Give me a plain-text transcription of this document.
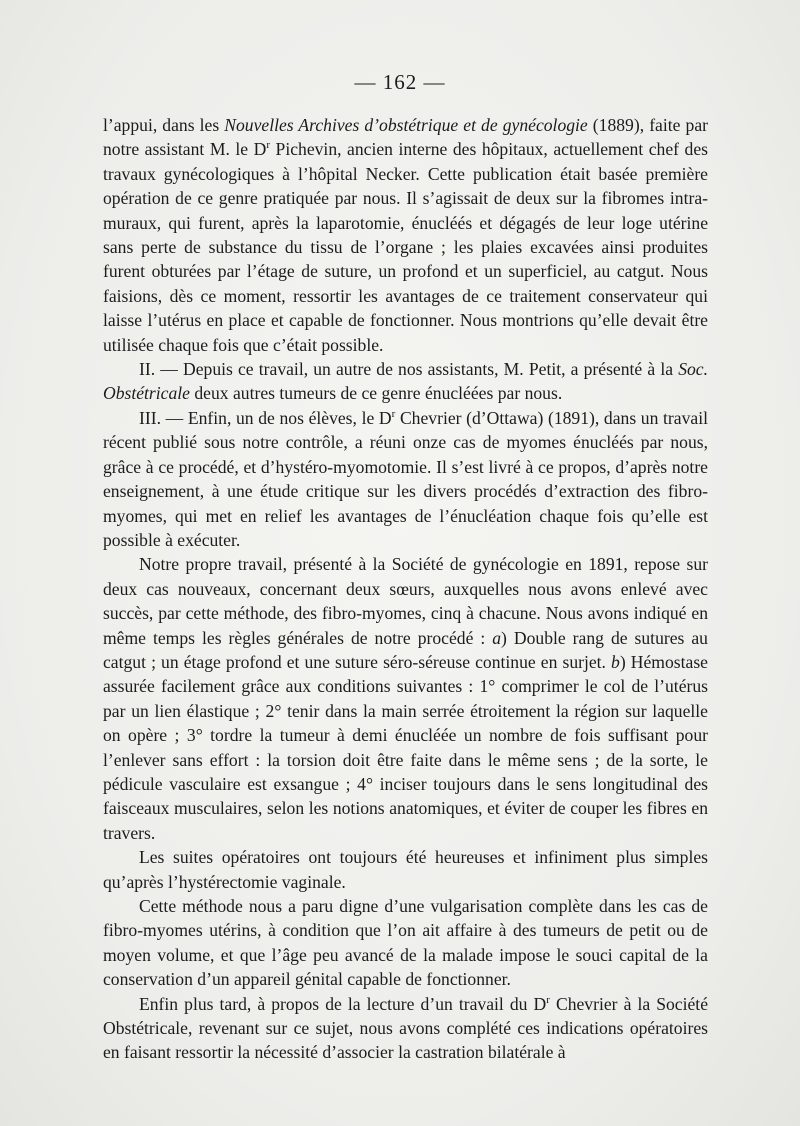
— 162 —

l’appui, dans les Nouvelles Archives d’obstétrique et de gynécologie (1889), faite par notre assistant M. le $D^r$ Pichevin, ancien interne des hôpitaux, actuellement chef des travaux gynécologiques à l’hôpital Necker. Cette publication était basée première opération de ce genre pratiquée par nous. Il s’agissait de deux sur la fibromes intra-muraux, qui furent, après la laparotomie, énucléés et dégagés de leur loge utérine sans perte de substance du tissu de l’organe ; les plaies excavées ainsi produites furent obturées par l’étage de suture, un profond et un superficiel, au catgut. Nous faisions, dès ce moment, ressortir les avantages de ce traitement conservateur qui laisse l’utérus en place et capable de fonctionner. Nous montrions qu’elle devait être utilisée chaque fois que c’était possible.

II. — Depuis ce travail, un autre de nos assistants, M. Petit, a présenté à la Soc. Obstétricale deux autres tumeurs de ce genre énucléées par nous.

III. — Enfin, un de nos élèves, le $D^r$ Chevrier (d’Ottawa) (1891), dans un travail récent publié sous notre contrôle, a réuni onze cas de myomes énucléés par nous, grâce à ce procédé, et d’hystéro-myomotomie. Il s’est livré à ce propos, d’après notre enseignement, à une étude critique sur les divers procédés d’extraction des fibro-myomes, qui met en relief les avantages de l’énucléation chaque fois qu’elle est possible à exécuter.

Notre propre travail, présenté à la Société de gynécologie en 1891, repose sur deux cas nouveaux, concernant deux sœurs, auxquelles nous avons enlevé avec succès, par cette méthode, des fibro-myomes, cinq à chacune. Nous avons indiqué en même temps les règles générales de notre procédé : a) Double rang de sutures au catgut ; un étage profond et une suture séro-séreuse continue en surjet. b) Hémostase assurée facilement grâce aux conditions suivantes : 1° comprimer le col de l’utérus par un lien élastique ; 2° tenir dans la main serrée étroitement la région sur laquelle on opère ; 3° tordre la tumeur à demi énucléée un nombre de fois suffisant pour l’enlever sans effort : la torsion doit être faite dans le même sens ; de la sorte, le pédicule vasculaire est exsangue ; 4° inciser toujours dans le sens longitudinal des faisceaux musculaires, selon les notions anatomiques, et éviter de couper les fibres en travers.

Les suites opératoires ont toujours été heureuses et infiniment plus simples qu’après l’hystérectomie vaginale.

Cette méthode nous a paru digne d’une vulgarisation complète dans les cas de fibro-myomes utérins, à condition que l’on ait affaire à des tumeurs de petit ou de moyen volume, et que l’âge peu avancé de la malade impose le souci capital de la conservation d’un appareil génital capable de fonctionner.

Enfin plus tard, à propos de la lecture d’un travail du $D^r$ Chevrier à la Société Obstétricale, revenant sur ce sujet, nous avons complété ces indications opératoires en faisant ressortir la nécessité d’associer la castration bilatérale à
